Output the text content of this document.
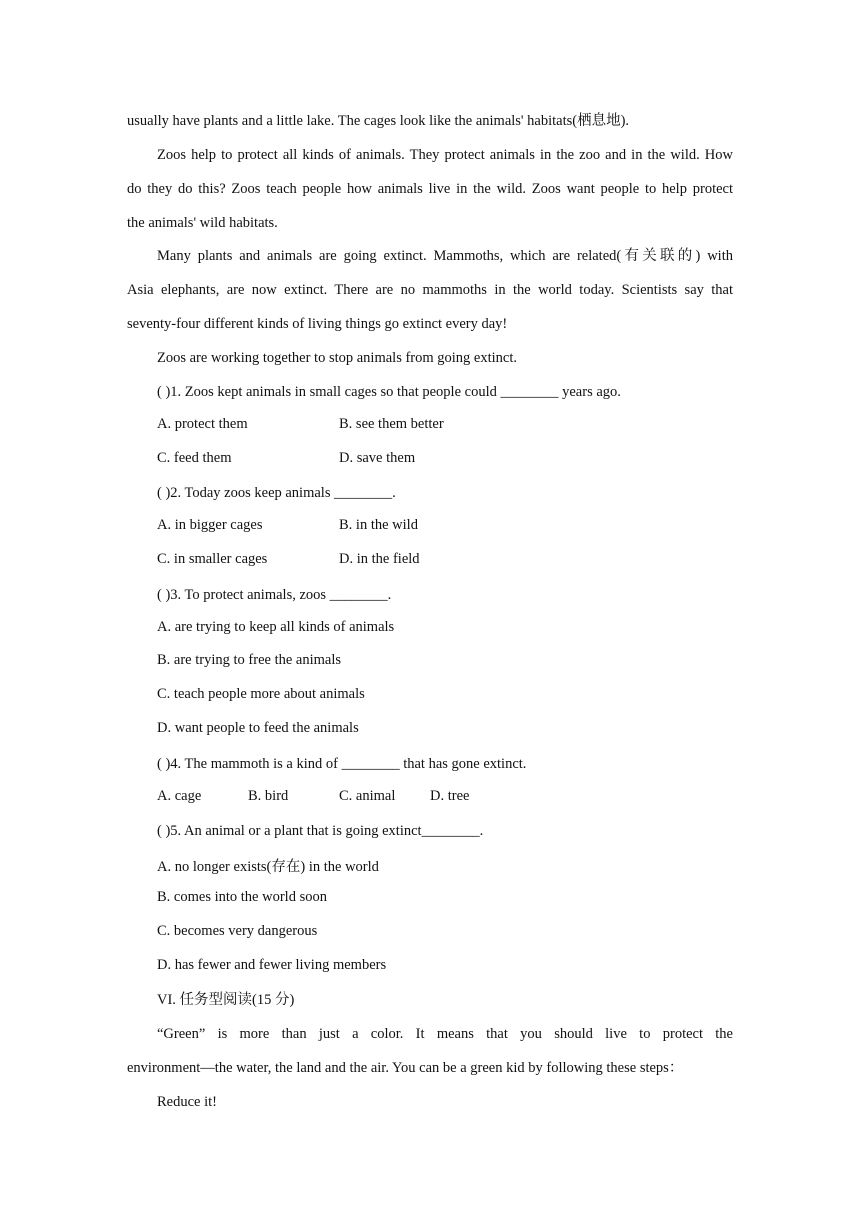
usually have plants and a little lake. The cages look like the animals' habitats(栖息地).
Zoos help to protect all kinds of animals. They protect animals in the zoo and in the wild. How
do they do this? Zoos teach people how animals live in the wild. Zoos want people to help protect
the animals' wild habitats.
Many plants and animals are going extinct. Mammoths, which are related(有关联的) with
Asia elephants, are now extinct. There are no mammoths in the world today. Scientists say that
seventy-four different kinds of living things go extinct every day!
Zoos are working together to stop animals from going extinct.
( )1. Zoos kept animals in small cages so that people could ________ years ago.
A. protect them	B. see them better
C. feed them	D. save them
( )2. Today zoos keep animals ________.
A. in bigger cages	B. in the wild
C. in smaller cages	D. in the field
( )3. To protect animals, zoos ________.
A. are trying to keep all kinds of animals
B. are trying to free the animals
C. teach people more about animals
D. want people to feed the animals
( )4. The mammoth is a kind of ________ that has gone extinct.
A. cage	B. bird	C. animal D. tree
( )5. An animal or a plant that is going extinct________.
A. no longer exists(存在) in the world
B. comes into the world soon
C. becomes very dangerous
D. has fewer and fewer living members
VI. 任务型阅读(15 分)
“Green” is more than just a color. It means that you should live to protect the
environment—the water, the land and the air. You can be a green kid by following these steps：
Reduce it!
